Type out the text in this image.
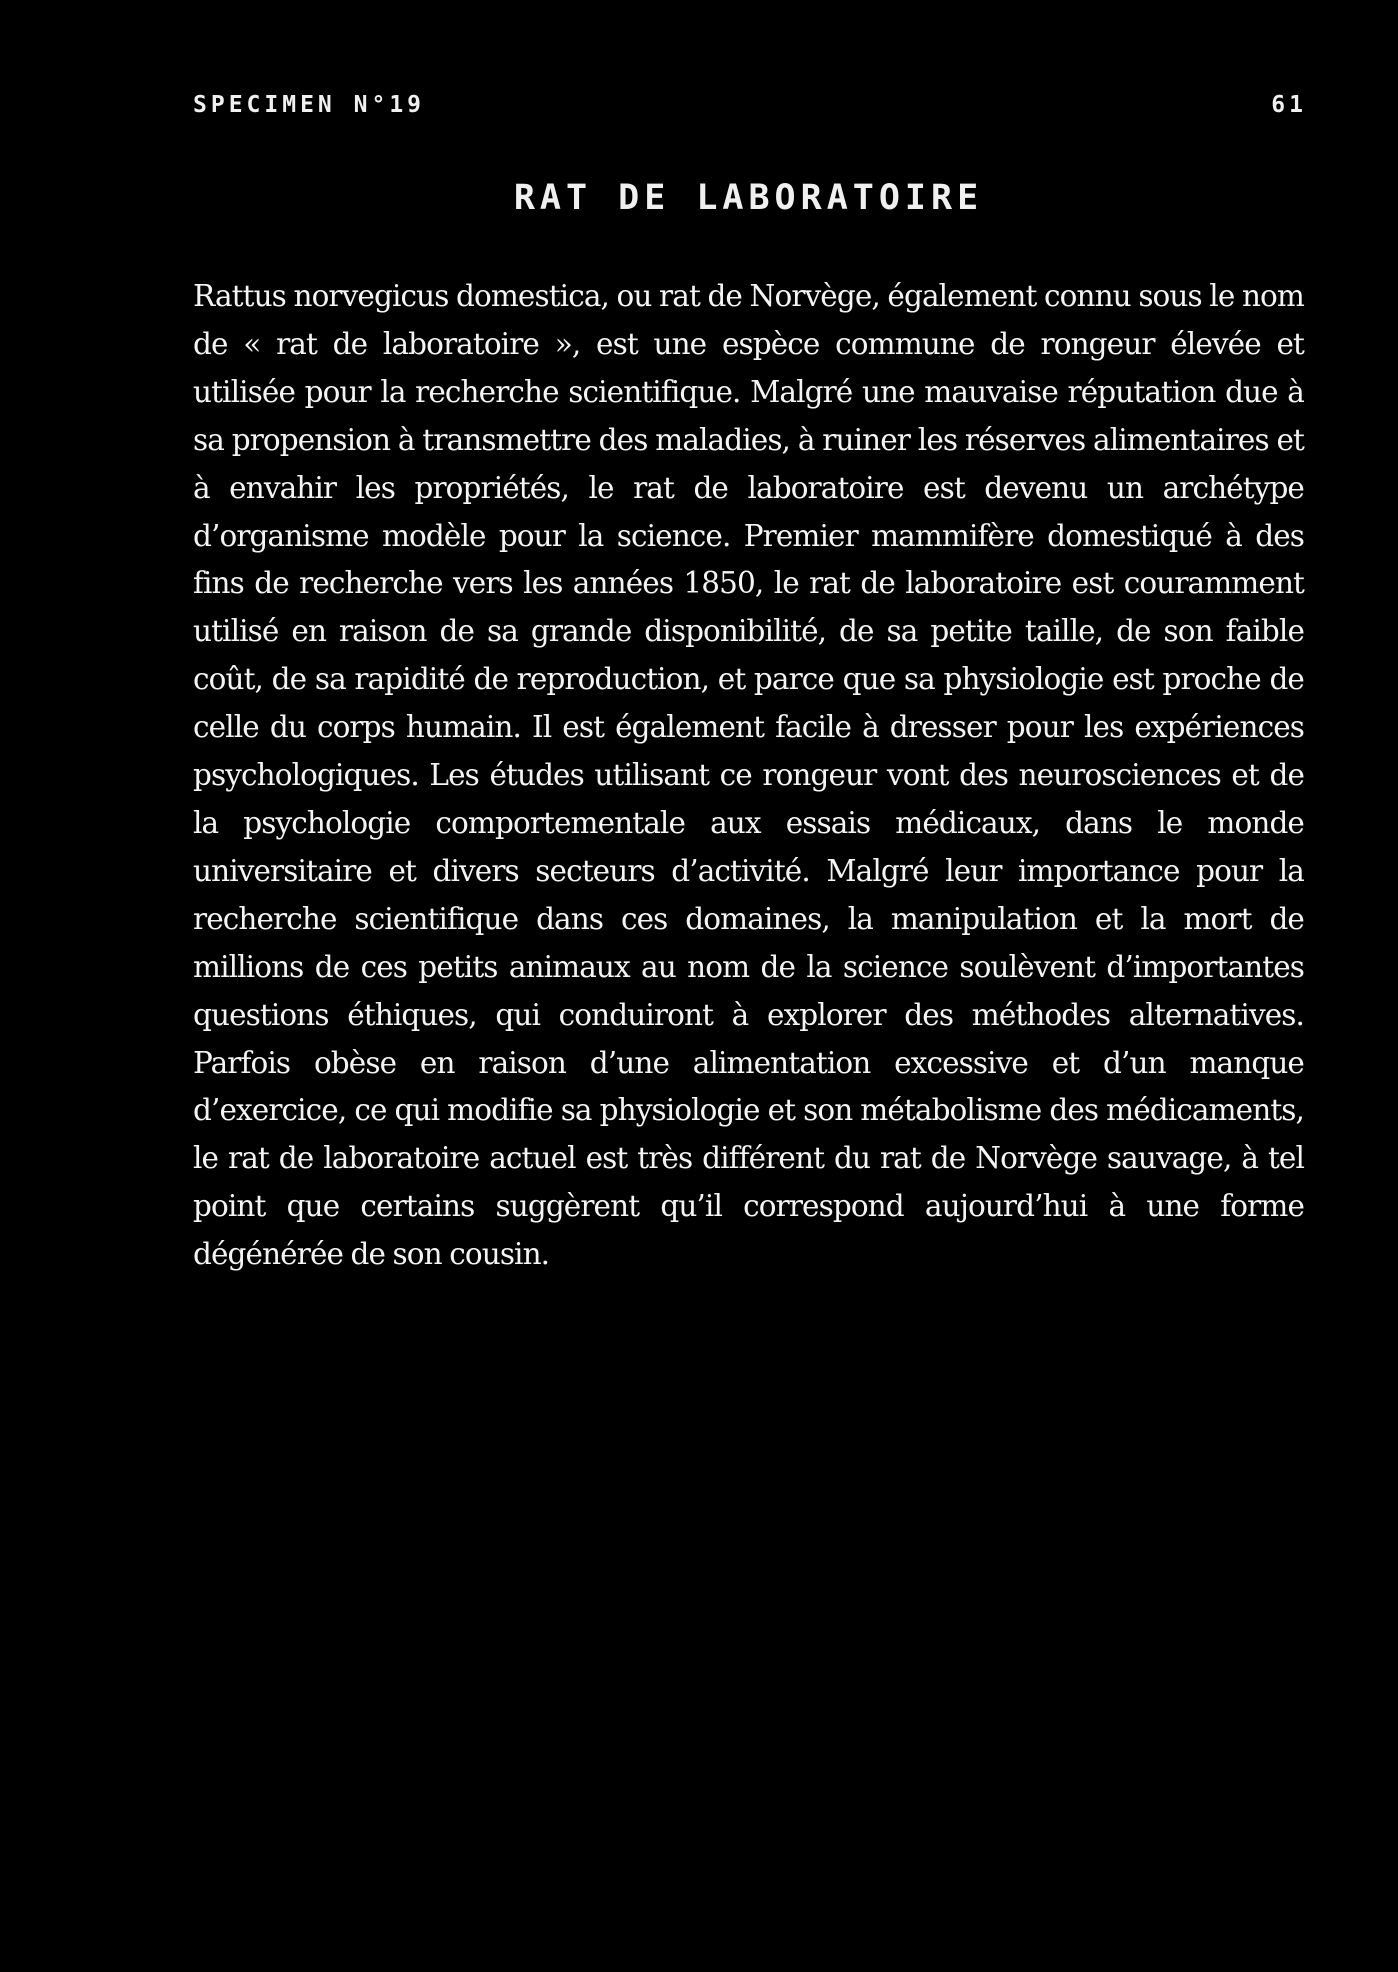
SPECIMEN N°19	61
RAT DE LABORATOIRE

Rattus norvegicus domestica, ou rat de Norvège, également connu sous le nom de « rat de laboratoire », est une espèce commune de rongeur élevée et utilisée pour la recherche scientifique. Malgré une mauvaise réputation due à sa propension à transmettre des maladies, à ruiner les réserves alimentaires et à envahir les propriétés, le rat de laboratoire est devenu un archétype d’organisme modèle pour la science. Premier mammifère domestiqué à des fins de recherche vers les années 1850, le rat de laboratoire est couramment utilisé en raison de sa grande disponibilité, de sa petite taille, de son faible coût, de sa rapidité de reproduction, et parce que sa physiologie est proche de celle du corps humain. Il est également facile à dresser pour les expériences psychologiques. Les études utilisant ce rongeur vont des neurosciences et de la psychologie comportementale aux essais médicaux, dans le monde universitaire et divers secteurs d’activité. Malgré leur importance pour la recherche scientifique dans ces domaines, la manipulation et la mort de millions de ces petits animaux au nom de la science soulèvent d’importantes questions éthiques, qui conduiront à explorer des méthodes alternatives. Parfois obèse en raison d’une alimentation excessive et d’un manque d’exercice, ce qui modifie sa physiologie et son métabolisme des médicaments, le rat de laboratoire actuel est très différent du rat de Norvège sauvage, à tel point que certains suggèrent qu’il correspond aujourd’hui à une forme dégénérée de son cousin.
